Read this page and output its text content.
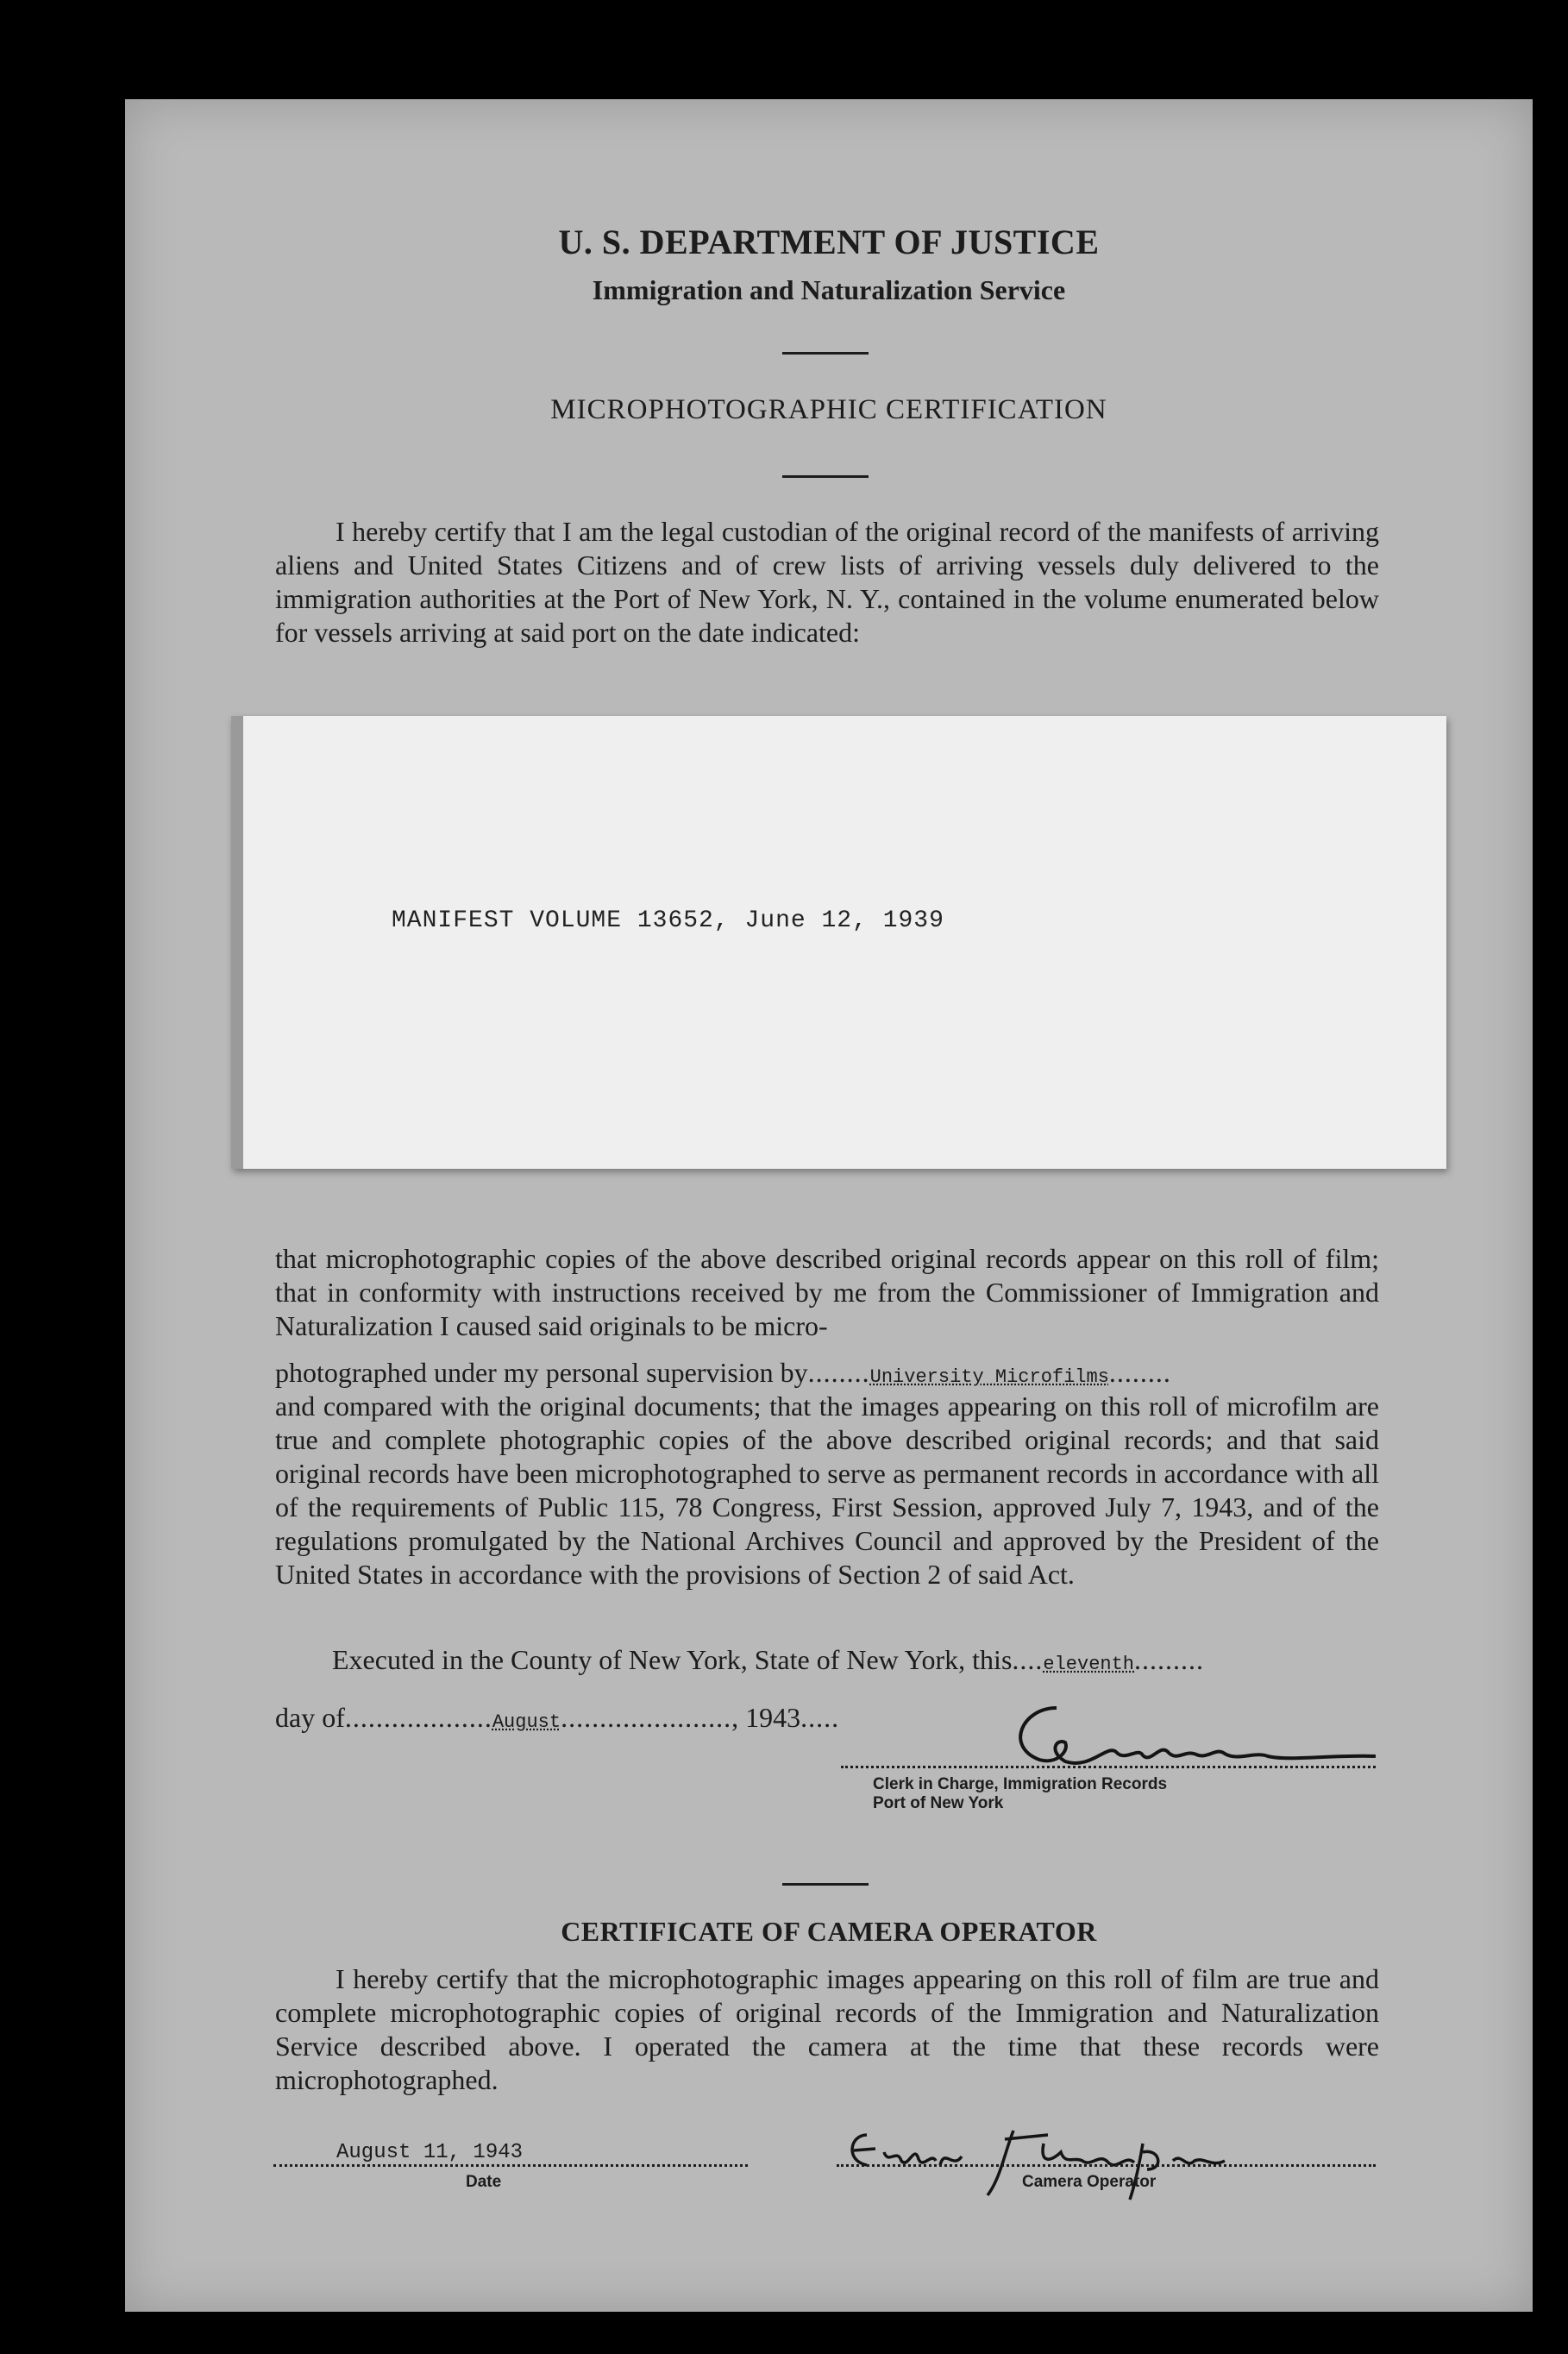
U. S. DEPARTMENT OF JUSTICE
Immigration and Naturalization Service
MICROPHOTOGRAPHIC CERTIFICATION
I hereby certify that I am the legal custodian of the original record of the manifests of arriving aliens and United States Citizens and of crew lists of arriving vessels duly delivered to the immigration authorities at the Port of New York, N. Y., contained in the volume enumerated below for vessels arriving at said port on the date indicated:
MANIFEST VOLUME 13652, June 12, 1939
that microphotographic copies of the above described original records appear on this roll of film; that in conformity with instructions received by me from the Commissioner of Immigration and Naturalization I caused said originals to be micro-
photographed under my personal supervision by........University Microfilms........
and compared with the original documents; that the images appearing on this roll of microfilm are true and complete photographic copies of the above described original records; and that said original records have been microphotographed to serve as permanent records in accordance with all of the requirements of Public 115, 78 Congress, First Session, approved July 7, 1943, and of the regulations promulgated by the National Archives Council and approved by the President of the United States in accordance with the provisions of Section 2 of said Act.
Executed in the County of New York, State of New York, this....eleventh.........
day of...................August......................, 1943.....
Clerk in Charge, Immigration Records
Port of New York
CERTIFICATE OF CAMERA OPERATOR
I hereby certify that the microphotographic images appearing on this roll of film are true and complete microphotographic copies of original records of the Immigration and Naturalization Service described above. I operated the camera at the time that these records were microphotographed.
August 11, 1943
Date	Camera Operator
